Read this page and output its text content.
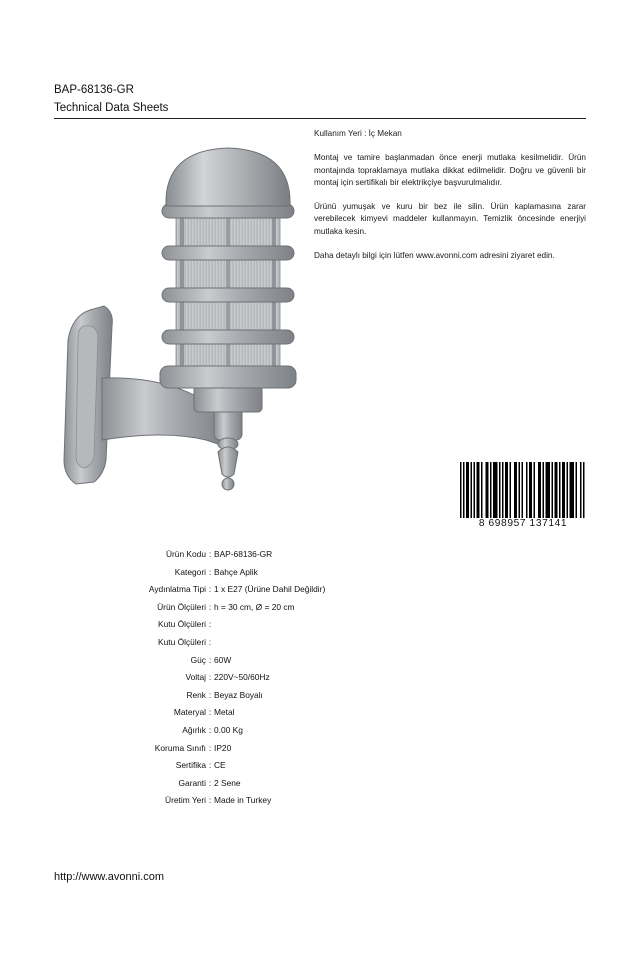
BAP-68136-GR
Technical Data Sheets

Kullanım Yeri : İç Mekan

Montaj ve tamire başlanmadan önce enerji mutlaka kesilmelidir. Ürün montajında topraklamaya mutlaka dikkat edilmelidir. Doğru ve güvenli bir montaj için sertifikalı bir elektrikçiye başvurulmalıdır.

Ürünü yumuşak ve kuru bir bez ile silin. Ürün kaplamasına zarar verebilecek kimyevi maddeler kullanmayın. Temizlik öncesinde enerjiyi mutlaka kesin.

Daha detaylı bilgi için lütfen www.avonni.com adresini ziyaret edin.

8 698957 137141
Ürün Kodu : BAP-68136-GR
Kategori : Bahçe Aplik
Aydınlatma Tipi : 1 x E27 (Ürüne Dahil Değildir)
Ürün Ölçüleri : h = 30 cm, Ø = 20 cm
Kutu Ölçüleri :
Kutu Ölçüleri :
Güç : 60W
Voltaj : 220V~50/60Hz
Renk : Beyaz Boyalı
Materyal : Metal
Ağırlık : 0.00 Kg
Koruma Sınıfı : IP20
Sertifika : CE
Garanti : 2 Sene
Üretim Yeri : Made in Turkey
http://www.avonni.com
